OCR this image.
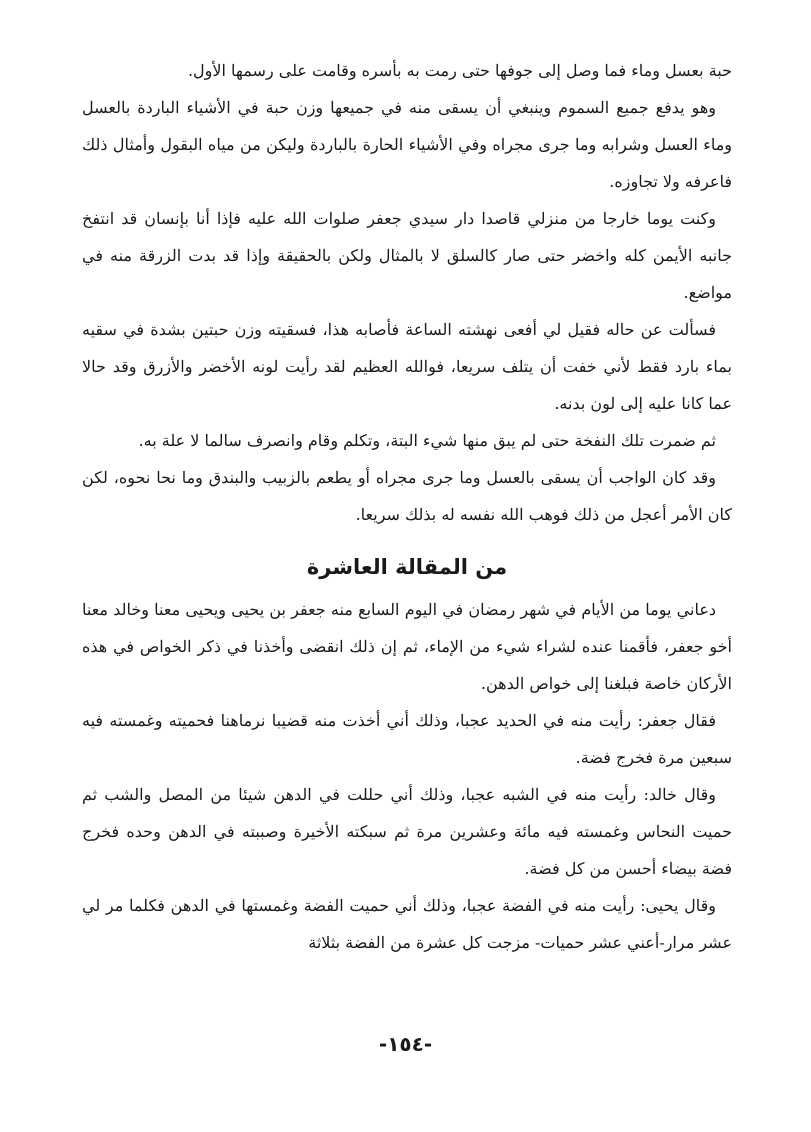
حبة بعسل وماء فما وصل إلى جوفها حتى رمت به بأسره وقامت على رسمها الأول.

وهو يدفع جميع السموم وينبغي أن يسقى منه في جميعها وزن حبة في الأشياء الباردة بالعسل وماء العسل وشرابه وما جرى مجراه وفي الأشياء الحارة بالباردة وليكن من مياه البقول وأمثال ذلك فاعرفه ولا تجاوزه.

وكنت يوما خارجا من منزلي قاصدا دار سيدي جعفر صلوات الله عليه فإذا أنا بإنسان قد انتفخ جانبه الأيمن كله واخضر حتى صار كالسلق لا بالمثال ولكن بالحقيقة وإذا قد بدت الزرقة منه في مواضع.

فسألت عن حاله فقيل لي أفعى نهشته الساعة فأصابه هذا، فسقيته وزن حبتين بشدة في سقيه بماء بارد فقط لأني خفت أن يتلف سريعا، فوالله العظيم لقد رأيت لونه الأخضر والأزرق وقد حالا عما كانا عليه إلى لون بدنه.

ثم ضمرت تلك النفخة حتى لم يبق منها شيء البتة، وتكلم وقام وانصرف سالما لا علة به.

وقد كان الواجب أن يسقى بالعسل وما جرى مجراه أو يطعم بالزبيب والبندق وما نحا نحوه، لكن كان الأمر أعجل من ذلك فوهب الله نفسه له بذلك سريعا.

من المقالة العاشرة

دعاني يوما من الأيام في شهر رمضان في اليوم السابع منه جعفر بن يحيى ويحيى معنا وخالد معنا أخو جعفر، فأقمنا عنده لشراء شيء من الإماء، ثم إن ذلك انقضى وأخذنا في ذكر الخواص في هذه الأركان خاصة فبلغنا إلى خواص الدهن.

فقال جعفر: رأيت منه في الحديد عجبا، وذلك أني أخذت منه قضيبا نرماهنا فحميته وغمسته فيه سبعين مرة فخرج فضة.

وقال خالد: رأيت منه في الشبه عجبا، وذلك أني حللت في الدهن شيئا من المصل والشب ثم حميت النحاس وغمسته فيه مائة وعشرين مرة ثم سبكته الأخيرة وصببته في الدهن وحده فخرج فضة بيضاء أحسن من كل فضة.

وقال يحيى: رأيت منه في الفضة عجبا، وذلك أني حميت الفضة وغمستها في الدهن فكلما مر لي عشر مرار-أعني عشر حميات- مزجت كل عشرة من الفضة بثلاثة

-١٥٤-
